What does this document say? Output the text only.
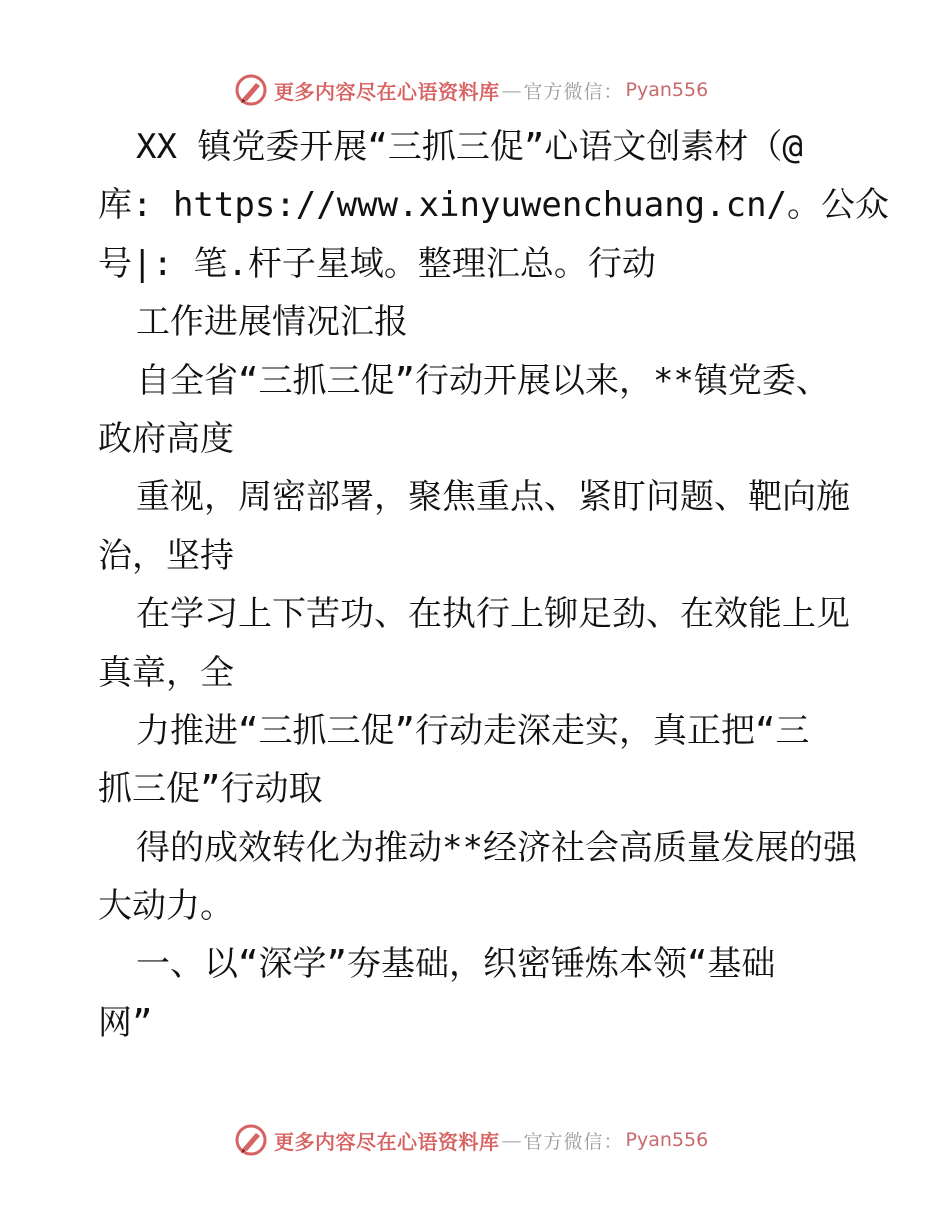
更多内容尽在心语资料库 — 官方微信： Pyan556
XX 镇党委开展“三抓三促”心语文创素材（@
库: https://www.xinyuwenchuang.cn/。公众
号|: 笔.杆子星域。整理汇总。行动
工作进展情况汇报
自全省“三抓三促”行动开展以来，**镇党委、
政府高度
重视，周密部署，聚焦重点、紧盯问题、靶向施
治，坚持
在学习上下苦功、在执行上铆足劲、在效能上见
真章，全
力推进“三抓三促”行动走深走实，真正把“三
抓三促”行动取
得的成效转化为推动**经济社会高质量发展的强
大动力。
一、以“深学”夯基础，织密锤炼本领“基础
网”
更多内容尽在心语资料库 — 官方微信： Pyan556
